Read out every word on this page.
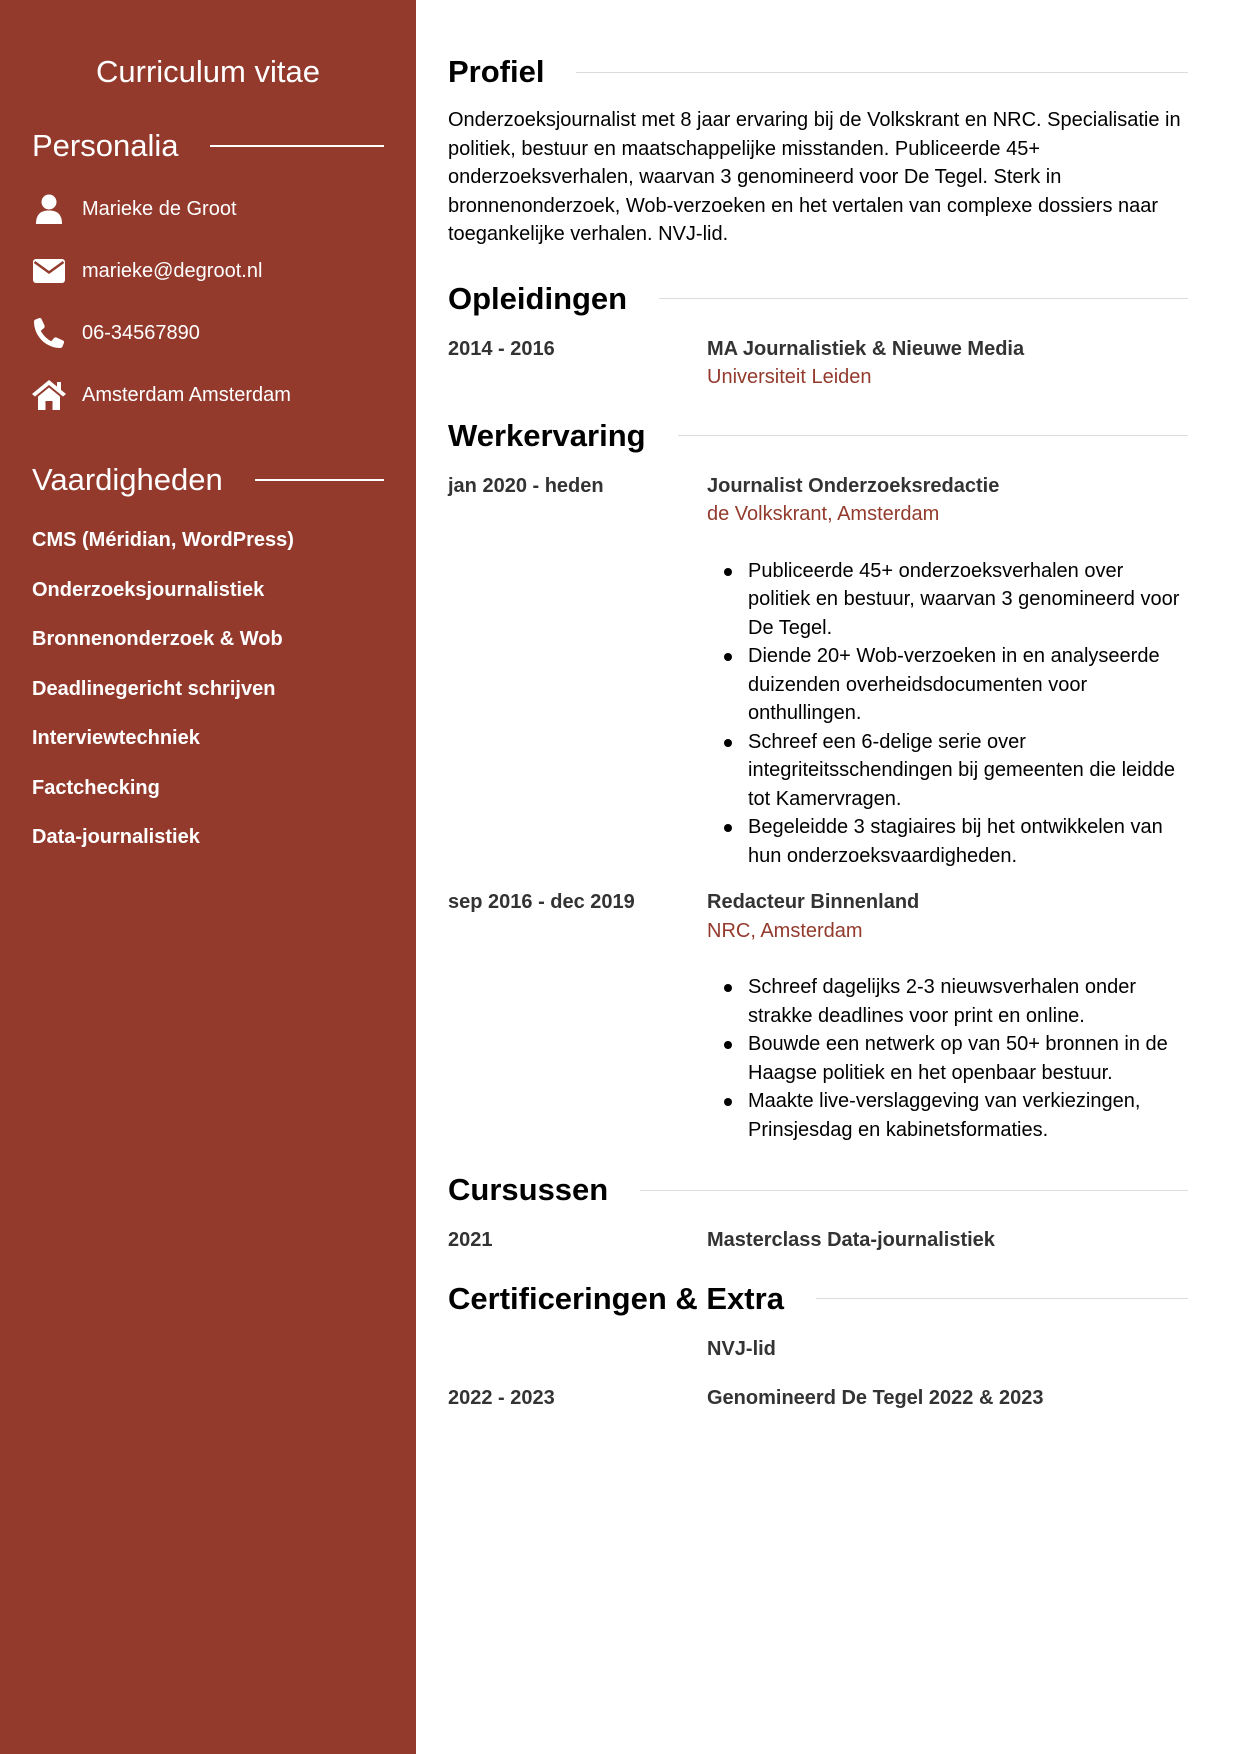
Curriculum vitae
Personalia
Marieke de Groot
marieke@degroot.nl
06-34567890
Amsterdam Amsterdam
Vaardigheden
CMS (Méridian, WordPress)
Onderzoeksjournalistiek
Bronnenonderzoek & Wob
Deadlinegericht schrijven
Interviewtechniek
Factchecking
Data-journalistiek
Profiel

Onderzoeksjournalist met 8 jaar ervaring bij de Volkskrant en NRC. Specialisatie in politiek, bestuur en maatschappelijke misstanden. Publiceerde 45+ onderzoeksverhalen, waarvan 3 genomineerd voor De Tegel. Sterk in bronnenonderzoek, Wob-verzoeken en het vertalen van complexe dossiers naar toegankelijke verhalen. NVJ-lid.

Opleidingen
2014 - 2016	MA Journalistiek & Nieuwe Media
Universiteit Leiden
Werkervaring
jan 2020 - heden	Journalist Onderzoeksredactie
de Volkskrant, Amsterdam
Publiceerde 45+ onderzoeksverhalen over politiek en bestuur, waarvan 3 genomineerd voor De Tegel.
Diende 20+ Wob-verzoeken in en analyseerde duizenden overheidsdocumenten voor onthullingen.
Schreef een 6-delige serie over integriteitsschendingen bij gemeenten die leidde tot Kamervragen.
Begeleidde 3 stagiaires bij het ontwikkelen van hun onderzoeksvaardigheden.
sep 2016 - dec 2019	Redacteur Binnenland
NRC, Amsterdam
Schreef dagelijks 2-3 nieuwsverhalen onder strakke deadlines voor print en online.
Bouwde een netwerk op van 50+ bronnen in de Haagse politiek en het openbaar bestuur.
Maakte live-verslaggeving van verkiezingen, Prinsjesdag en kabinetsformaties.
Cursussen
2021	Masterclass Data-journalistiek
Certificeringen & Extra
NVJ-lid
2022 - 2023	Genomineerd De Tegel 2022 & 2023
